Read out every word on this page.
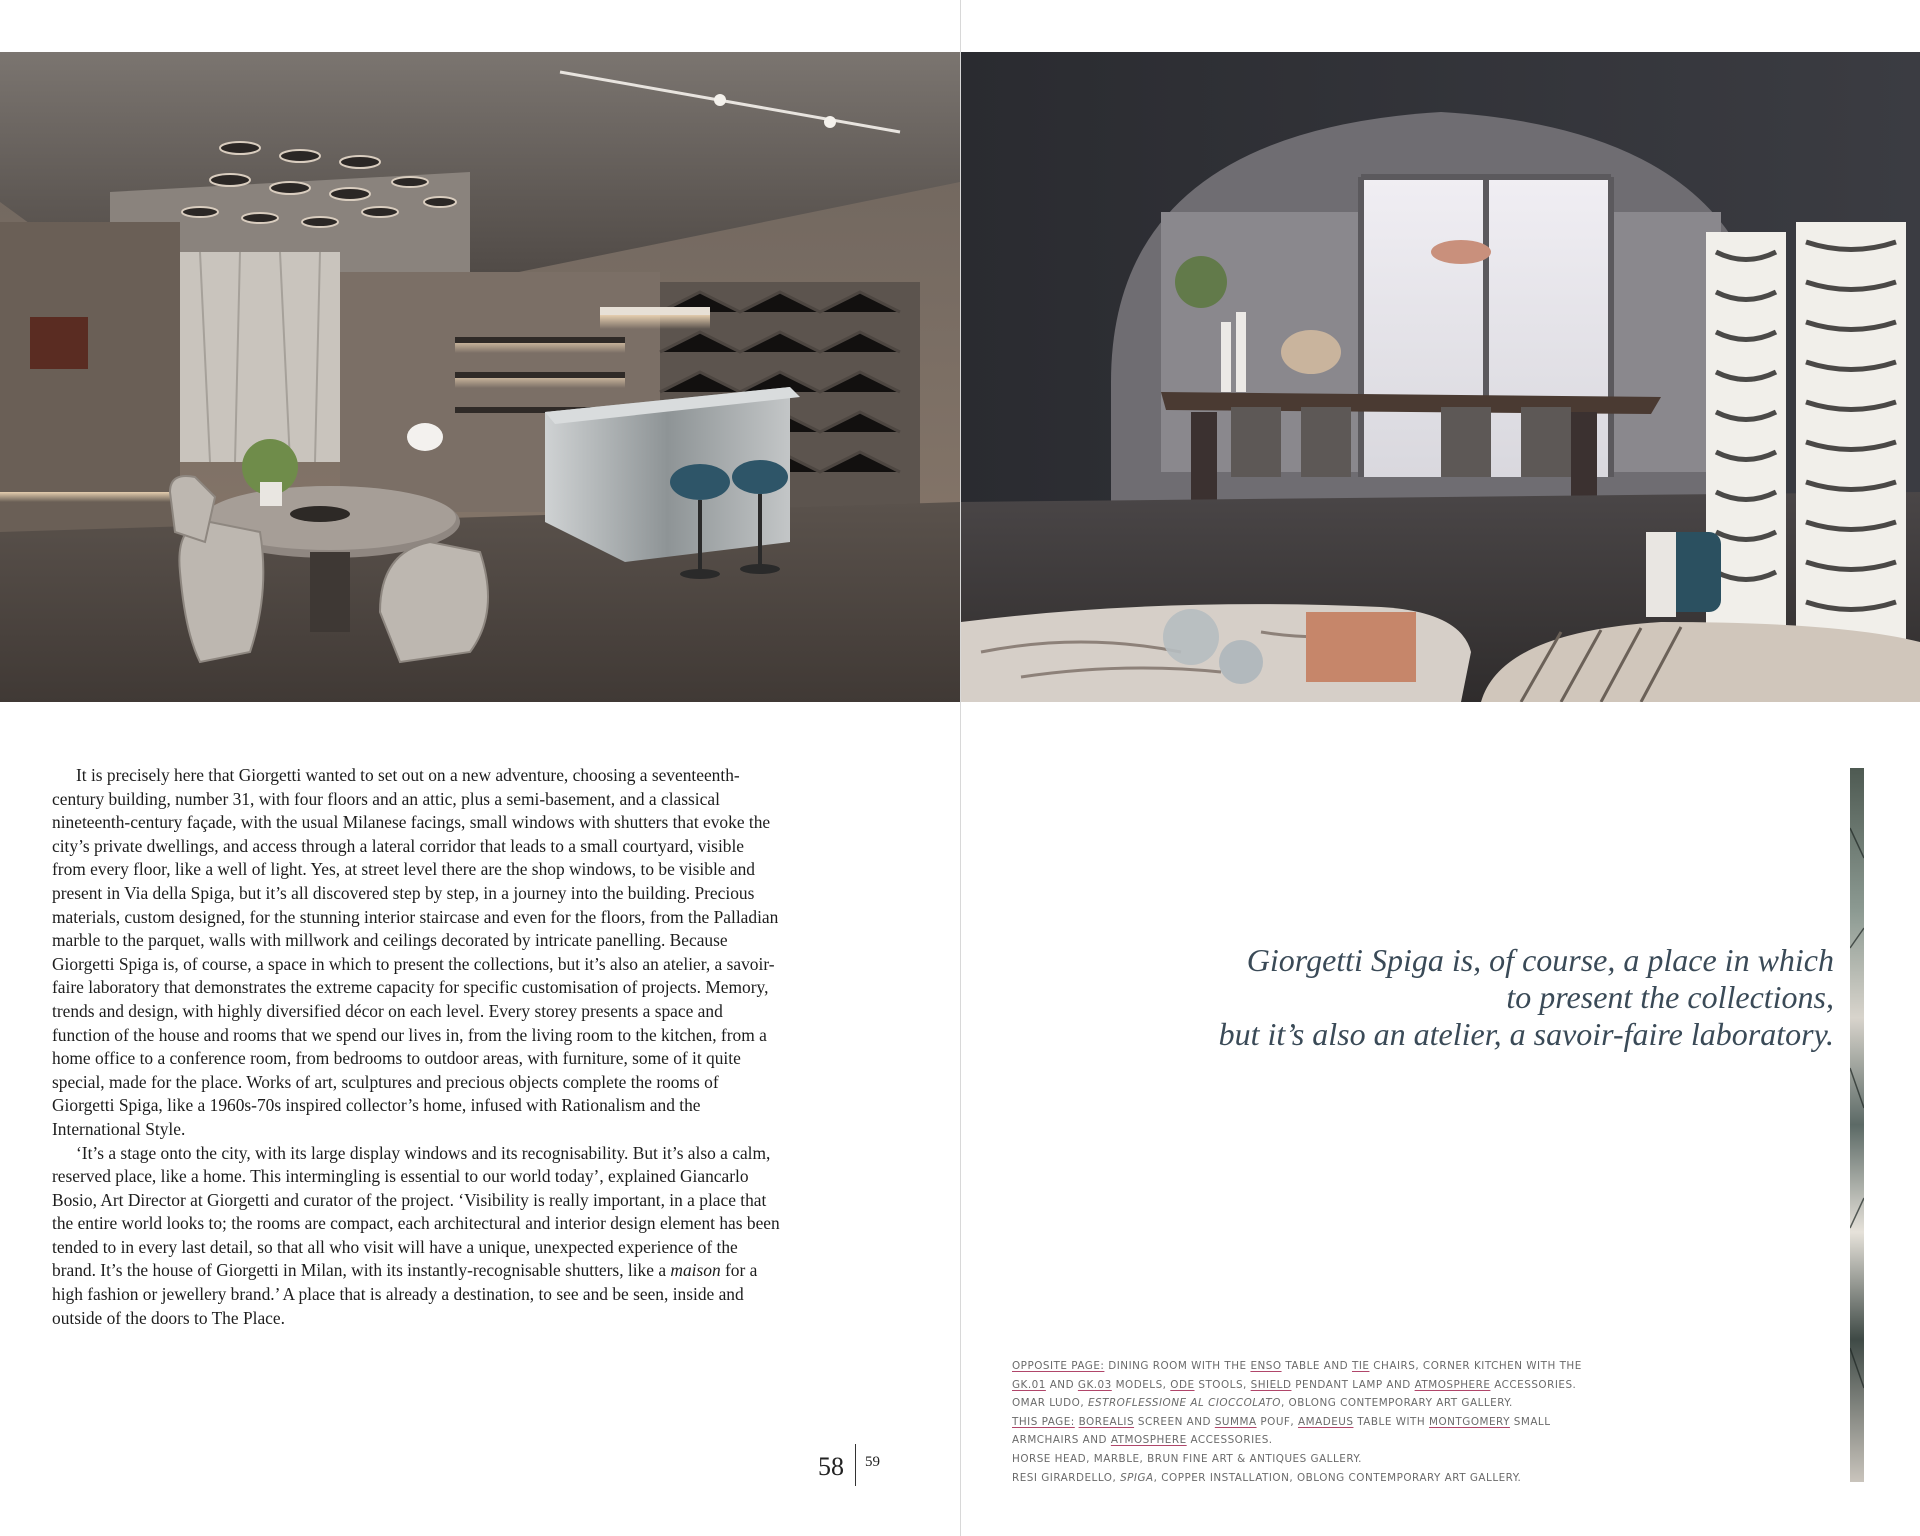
It is precisely here that Giorgetti wanted to set out on a new adventure, choosing a seventeenth-century building, number 31, with four floors and an attic, plus a semi-basement, and a classical nineteenth-century façade, with the usual Milanese facings, small windows with shutters that evoke the city’s private dwellings, and access through a lateral corridor that leads to a small courtyard, visible from every floor, like a well of light. Yes, at street level there are the shop windows, to be visible and present in Via della Spiga, but it’s all discovered step by step, in a journey into the building. Precious materials, custom designed, for the stunning interior staircase and even for the floors, from the Palladian marble to the parquet, walls with millwork and ceilings decorated by intricate panelling. Because Giorgetti Spiga is, of course, a space in which to present the collections, but it’s also an atelier, a savoir-faire laboratory that demonstrates the extreme capacity for specific customisation of projects. Memory, trends and design, with highly diversified décor on each level. Every storey presents a space and function of the house and rooms that we spend our lives in, from the living room to the kitchen, from a home office to a conference room, from bedrooms to outdoor areas, with furniture, some of it quite special, made for the place. Works of art, sculptures and precious objects complete the rooms of Giorgetti Spiga, like a 1960s-70s inspired collector’s home, infused with Rationalism and the International Style.

‘It’s a stage onto the city, with its large display windows and its recognisability. But it’s also a calm, reserved place, like a home. This intermingling is essential to our world today’, explained Giancarlo Bosio, Art Director at Giorgetti and curator of the project. ‘Visibility is really important, in a place that the entire world looks to; the rooms are compact, each architectural and interior design element has been tended to in every last detail, so that all who visit will have a unique, unexpected experience of the brand. It’s the house of Giorgetti in Milan, with its instantly-recognisable shutters, like a maison for a high fashion or jewellery brand.’ A place that is already a destination, to see and be seen, inside and outside of the doors to The Place.

58 59
Giorgetti Spiga is, of course, a place in which
to present the collections,
but it’s also an atelier, a savoir-faire laboratory.
OPPOSITE PAGE: DINING ROOM WITH THE ENSO TABLE AND TIE CHAIRS, CORNER KITCHEN WITH THE
GK.01 AND GK.03 MODELS, ODE STOOLS, SHIELD PENDANT LAMP AND ATMOSPHERE ACCESSORIES.
OMAR LUDO, ESTROFLESSIONE AL CIOCCOLATO, OBLONG CONTEMPORARY ART GALLERY.
THIS PAGE: BOREALIS SCREEN AND SUMMA POUF, AMADEUS TABLE WITH MONTGOMERY SMALL
ARMCHAIRS AND ATMOSPHERE ACCESSORIES.
HORSE HEAD, MARBLE, BRUN FINE ART & ANTIQUES GALLERY.
RESI GIRARDELLO, SPIGA, COPPER INSTALLATION, OBLONG CONTEMPORARY ART GALLERY.
